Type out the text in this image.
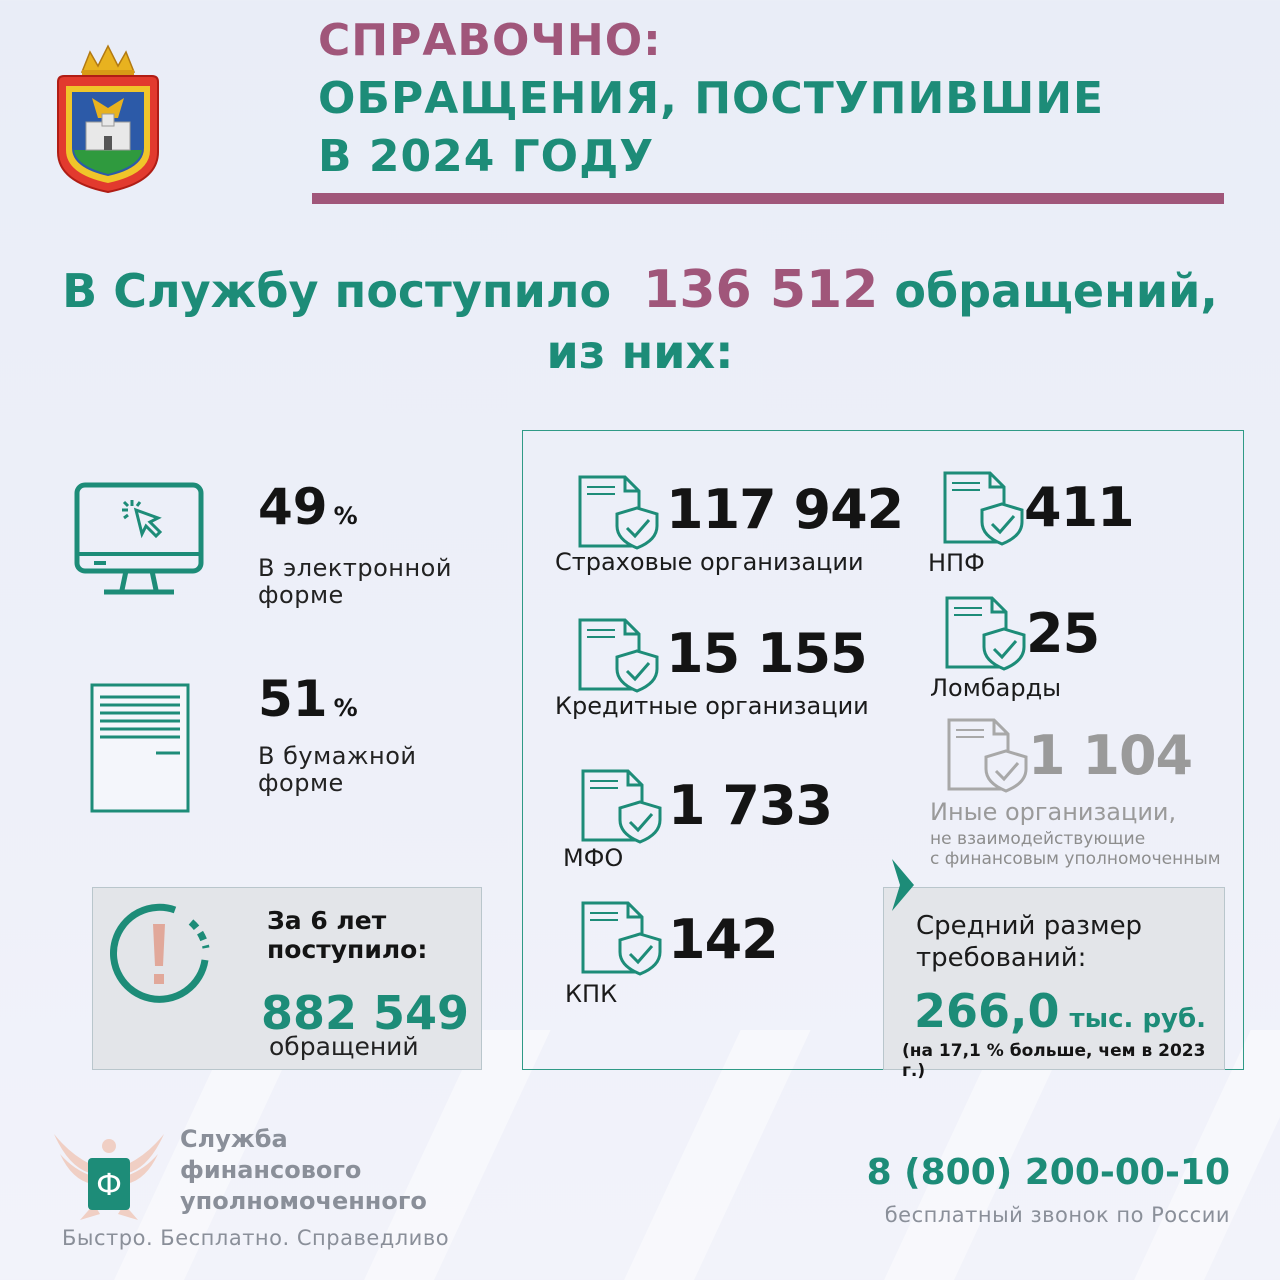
СПРАВОЧНО:
ОБРАЩЕНИЯ, ПОСТУПИВШИЕ
В 2024 ГОДУ
В Службу поступило 136 512 обращений,
из них:
49 %
В электронной
форме
51 %
В бумажной
форме
За 6 лет
поступило:
882 549
обращений
117 942
Страховые организации
15 155
Кредитные организации
1 733
МФО
142
КПК
411
НПФ
25
Ломбарды
1 104
Иные организации,
не взаимодействующие
с финансовым уполномоченным
Средний размер
требований:
266,0 тыс. руб.
(на 17,1 % больше, чем в 2023 г.)
Ф
Служба
финансового
уполномоченного
Быстро. Бесплатно. Справедливо
8 (800) 200-00-10
бесплатный звонок по России
